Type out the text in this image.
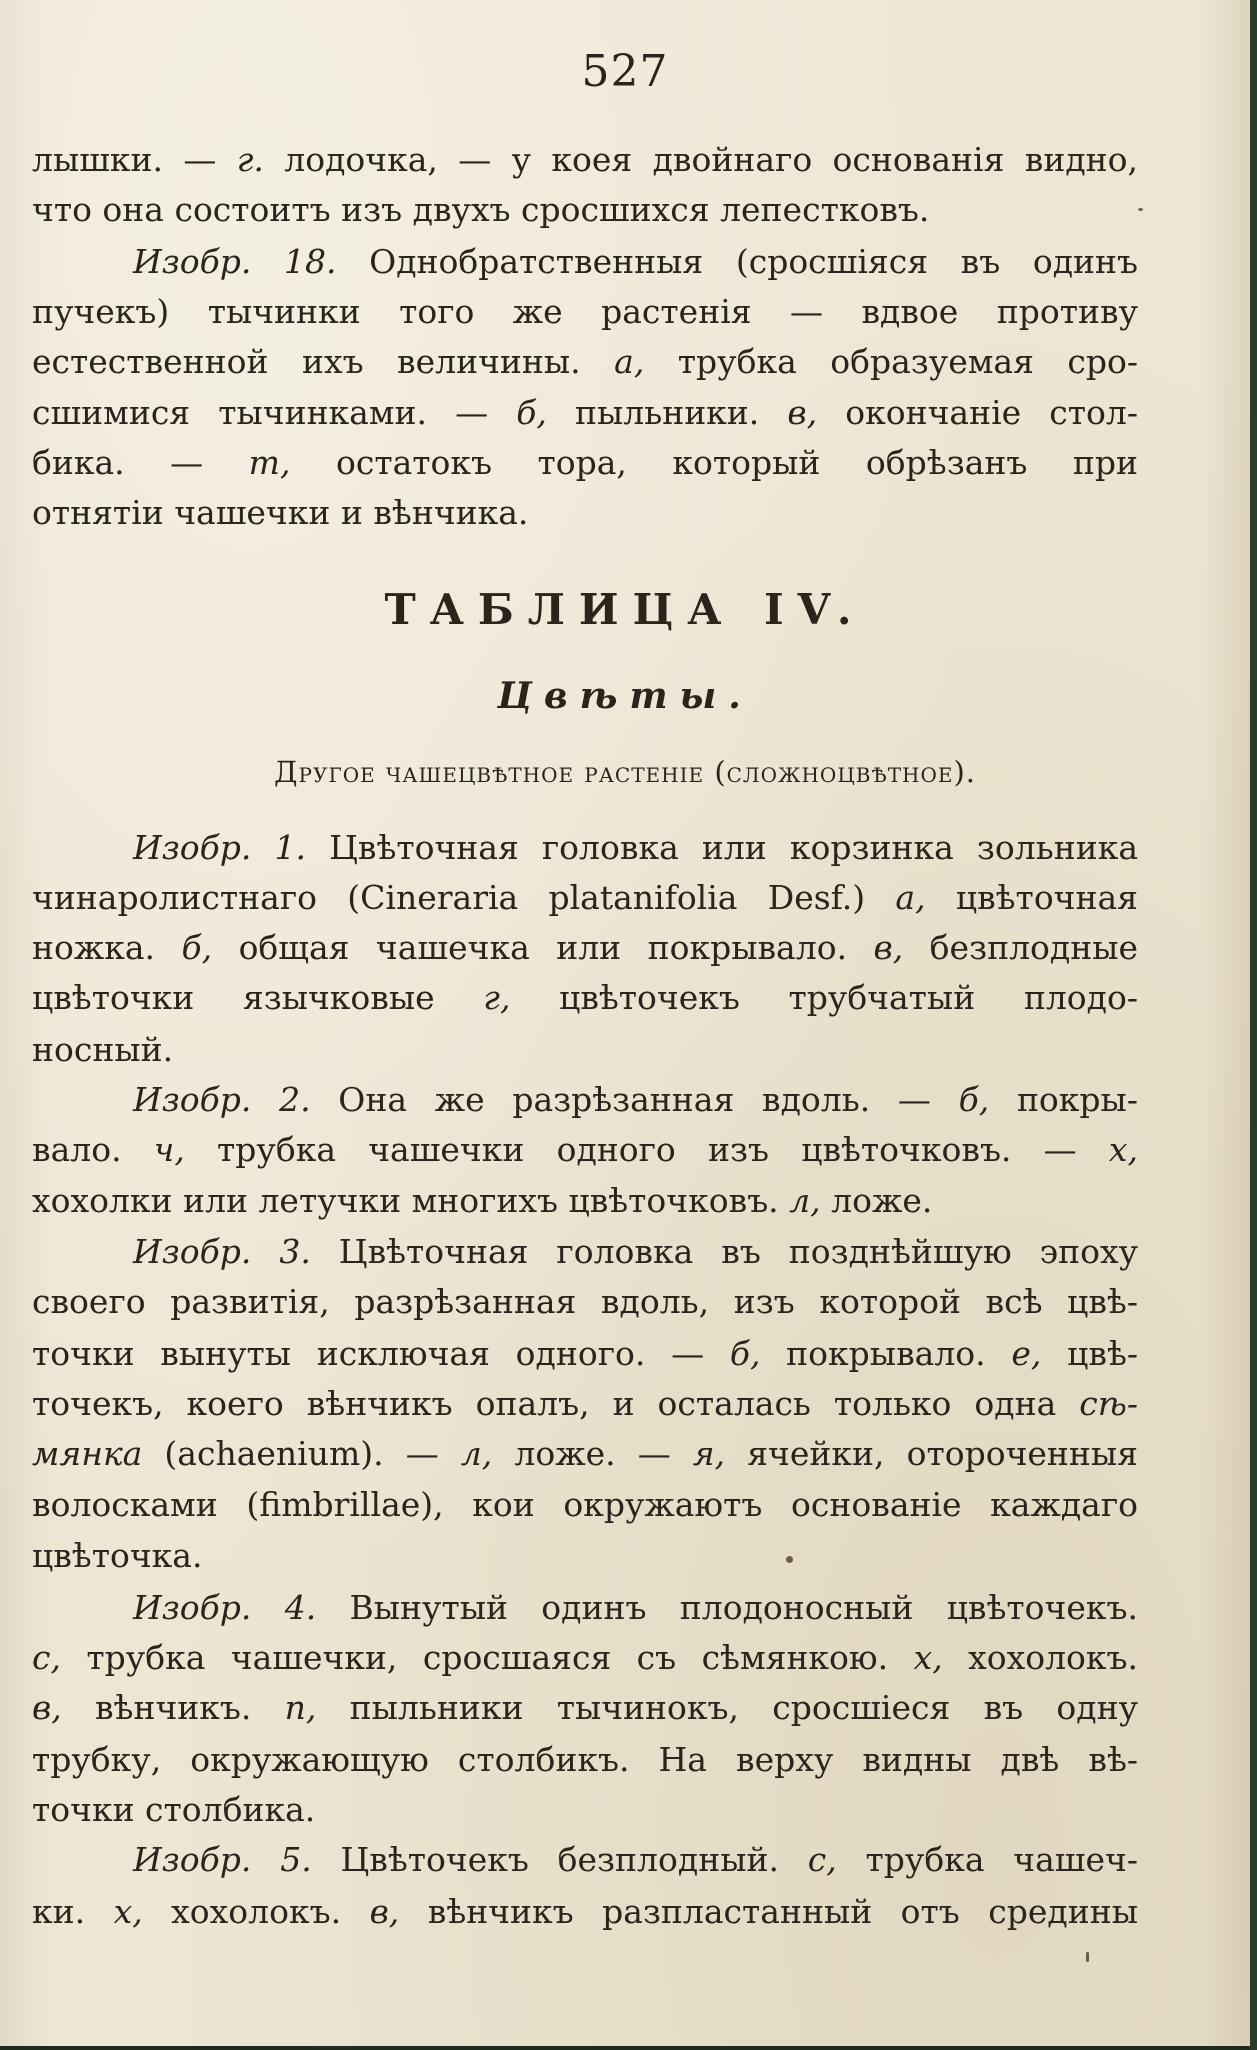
527
лышки. — г. лодочка, — у коея двойнаго основанія видно,
что она состоитъ изъ двухъ сросшихся лепестковъ.
Изобр. 18. Однобратственныя (сросшіяся въ одинъ
пучекъ) тычинки того же растенія — вдвое противу
естественной ихъ величины. а, трубка образуемая сро-
сшимися тычинками. — б, пыльники. в, окончаніе стол-
бика. — т, остатокъ тора, который обрѣзанъ при
отнятіи чашечки и вѣнчика.
ТАБЛИЦА IV.
Цвѣты.
Другое чашецвѣтное растеніе (сложноцвѣтное).
Изобр. 1. Цвѣточная головка или корзинка зольника
чинаролистнаго (Cineraria platanifolia Desf.) а, цвѣточная
ножка. б, общая чашечка или покрывало. в, безплодные
цвѣточки язычковые г, цвѣточекъ трубчатый плодо-
носный.
Изобр. 2. Она же разрѣзанная вдоль. — б, покры-
вало. ч, трубка чашечки одного изъ цвѣточковъ. — х,
хохолки или летучки многихъ цвѣточковъ. л, ложе.
Изобр. 3. Цвѣточная головка въ позднѣйшую эпоху
своего развитія, разрѣзанная вдоль, изъ которой всѣ цвѣ-
точки вынуты исключая одного. — б, покрывало. е, цвѣ-
точекъ, коего вѣнчикъ опалъ, и осталась только одна сѣ-
мянка (achaenium). — л, ложе. — я, ячейки, отороченныя
волосками (fimbrillae), кои окружаютъ основаніе каждаго
цвѣточка.
Изобр. 4. Вынутый одинъ плодоносный цвѣточекъ.
с, трубка чашечки, сросшаяся съ сѣмянкою. х, хохолокъ.
в, вѣнчикъ. п, пыльники тычинокъ, сросшіеся въ одну
трубку, окружающую столбикъ. На верху видны двѣ вѣ-
точки столбика.
Изобр. 5. Цвѣточекъ безплодный. с, трубка чашеч-
ки. х, хохолокъ. в, вѣнчикъ разпластанный отъ средины
